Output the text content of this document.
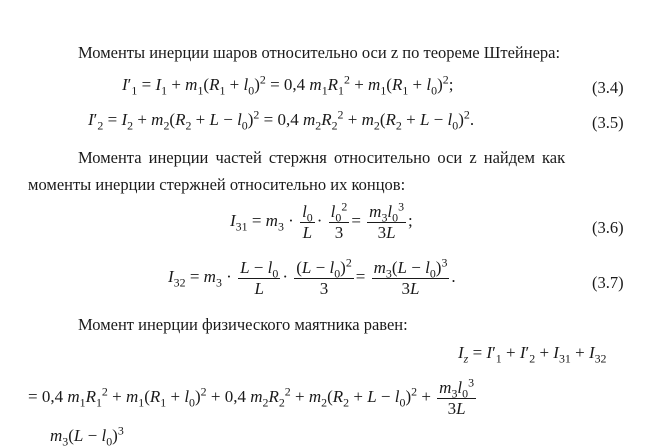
Моменты инерции шаров относительно оси z по теореме Штейнера:
$I'_1 = I_1 + m_1(R_1 + l_0)^2 = 0,4$ $m_1R_1^2 + m_1(R_1 + l_0)^2$;	(3.4)
$I'_2 = I_2 + m_2(R_2 + L - l_0)^2 = 0,4$ $m_2R_2^2 + m_2(R_2 + L - l_0)^2$.	(3.5)
Момента инерции частей стержня относительно оси z найдем как
моменты инерции стержней относительно их концов:
$I_{31} = m_3 \cdot \frac{l_0}{L} \cdot \frac{l_0^2}{3} = \frac{m_3l_0^3}{3L}$ ;	(3.6)
$I_{32} = m_3 \cdot \frac{L - l_0}{L} \cdot \frac{(L - l_0)^2}{3} = \frac{m_3(L - l_0)^3}{3L}$ .	(3.7)
Момент инерции физического маятника равен:
$I_z = I'_1 + I'_2 + I_{31} + I_{32}$
= 0,4 $m_1R_1^2 + m_1(R_1 + l_0)^2 + 0,4$ $m_2R_2^2 + m_2(R_2 + L - l_0)^2 + \frac{m_3l_0^3}{3L}$
$m_3(L - l_0)^3$
